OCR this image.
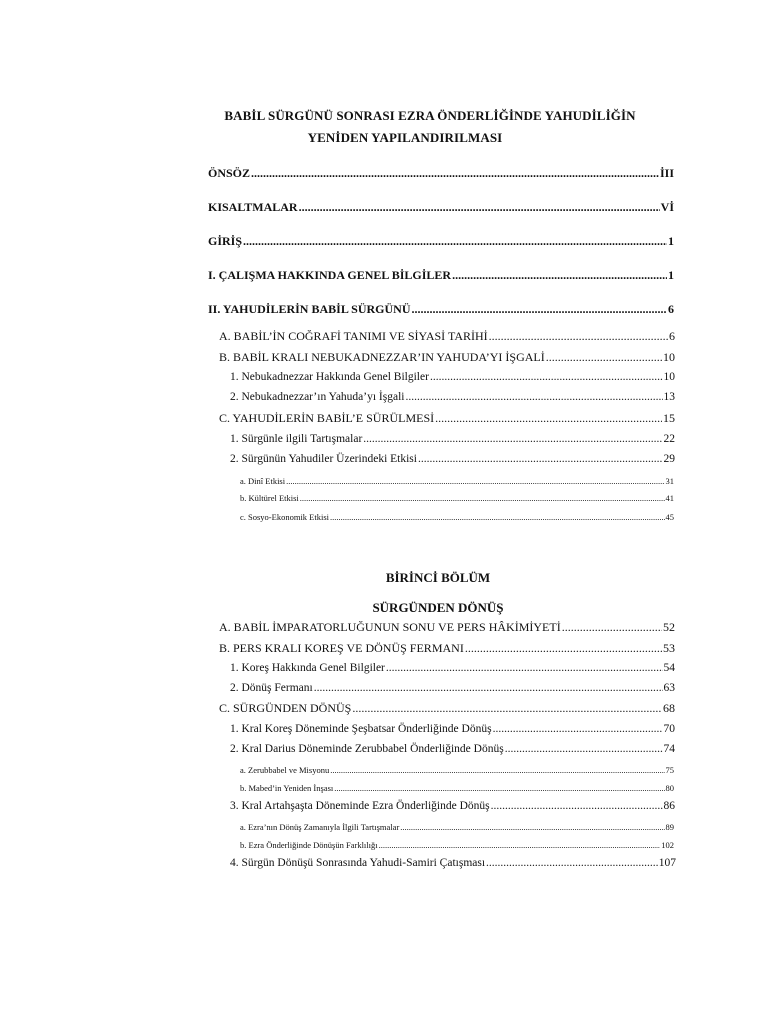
BABİL SÜRGÜNÜ SONRASI EZRA ÖNDERLİĞİNDE YAHUDİLİĞİN
YENİDEN YAPILANDIRILMASI
ÖNSÖZ .....	İII
KISALTMALAR .....	Vİ
GİRİŞ .....	1
I. ÇALIŞMA HAKKINDA GENEL BİLGİLER .....	1
II. YAHUDİLERİN BABİL SÜRGÜNÜ .....	6
A. BABİL’İN COĞRAFİ TANIMI VE SİYASİ TARİHİ .....	6
B. BABİL KRALI NEBUKADNEZZAR’IN YAHUDA’YI İŞGALİ .....	10
1. Nebukadnezzar Hakkında Genel Bilgiler .....	10
2. Nebukadnezzar’ın Yahuda’yı İşgali .....	13
C. YAHUDİLERİN BABİL’E SÜRÜLMESİ .....	15
1. Sürgünle ilgili Tartışmalar .....	22
2. Sürgünün Yahudiler Üzerindeki Etkisi .....	29
a. Dinî Etkisi .....	31
b. Kültürel Etkisi .....	41
c. Sosyo-Ekonomik Etkisi .....	45
BİRİNCİ BÖLÜM
SÜRGÜNDEN DÖNÜŞ
A. BABİL İMPARATORLUĞUNUN SONU VE PERS HÂKİMİYETİ .....	52
B. PERS KRALI KOREŞ VE DÖNÜŞ FERMANI .....	53
1. Koreş Hakkında Genel Bilgiler .....	54
2. Dönüş Fermanı .....	63
C. SÜRGÜNDEN DÖNÜŞ .....	68
1. Kral Koreş Döneminde Şeşbatsar Önderliğinde Dönüş .....	70
2. Kral Darius Döneminde Zerubbabel Önderliğinde Dönüş .....	74
a. Zerubbabel ve Misyonu .....	75
b. Mabed’in Yeniden İnşası .....	80
3. Kral Artahşaşta Döneminde Ezra Önderliğinde Dönüş .....	86
a. Ezra’nın Dönüş Zamanıyla İlgili Tartışmalar .....	89
b. Ezra Önderliğinde Dönüşün Farklılığı .....	102
4. Sürgün Dönüşü Sonrasında Yahudi-Samiri Çatışması .....	107
